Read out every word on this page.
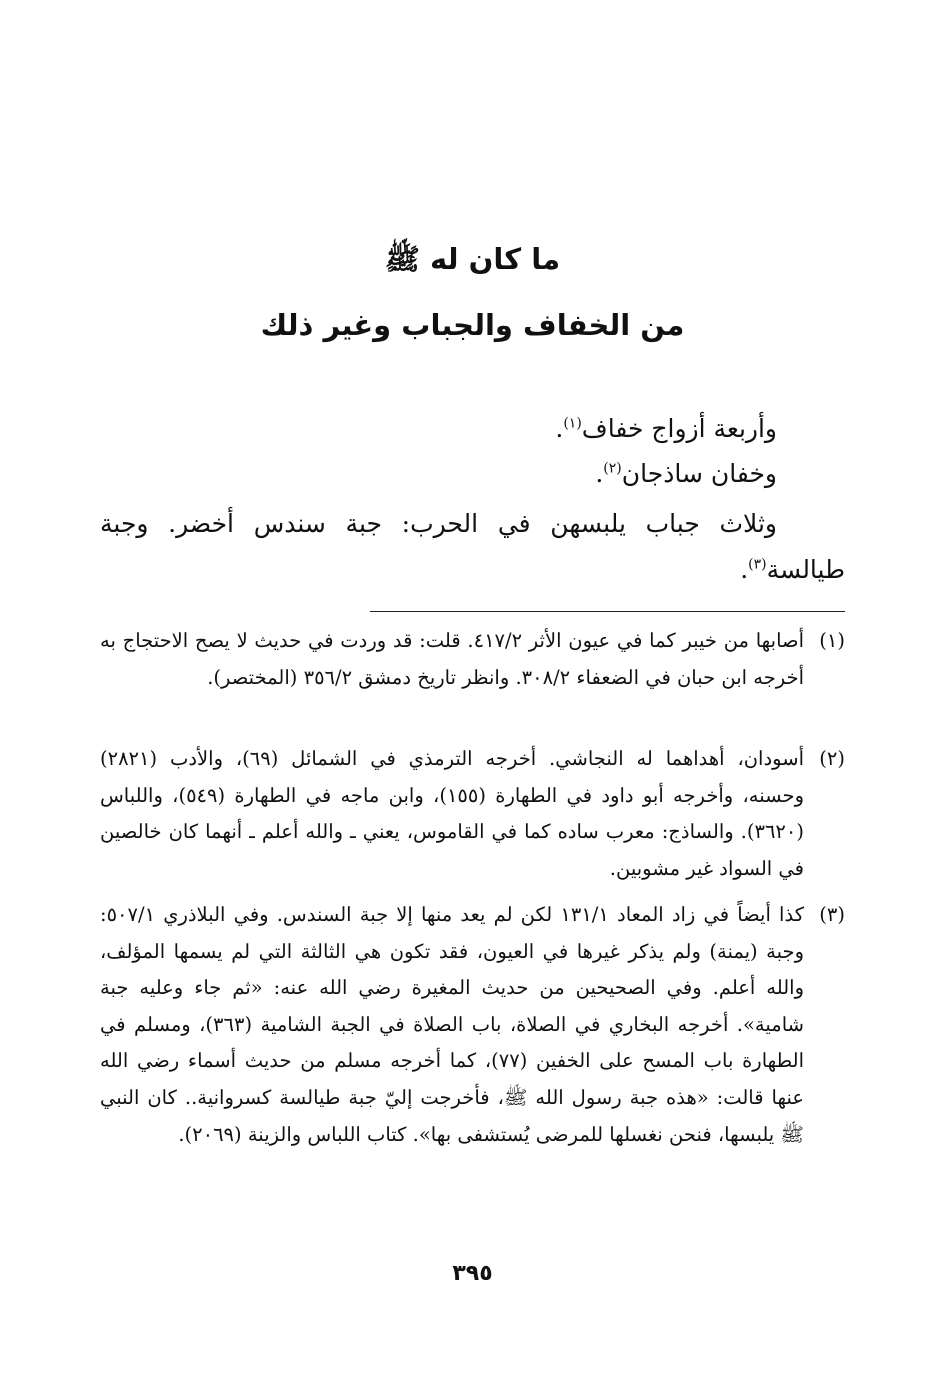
ما كان له ﷺ
من الخفاف والجباب وغير ذلك
وأربعة أزواج خفاف$^{(١)}$.
وخفان ساذجان$^{(٢)}$.
وثلاث جباب يلبسهن في الحرب: جبة سندس أخضر. وجبة
طيالسة$^{(٣)}$.
(١)
أصابها من خيبر كما في عيون الأثر ٤١٧/٢. قلت: قد وردت في حديث لا يصح الاحتجاج به أخرجه ابن حبان في الضعفاء ٣٠٨/٢. وانظر تاريخ دمشق ٣٥٦/٢ (المختصر).
(٢)
أسودان، أهداهما له النجاشي. أخرجه الترمذي في الشمائل (٦٩)، والأدب (٢٨٢١) وحسنه، وأخرجه أبو داود في الطهارة (١٥٥)، وابن ماجه في الطهارة (٥٤٩)، واللباس (٣٦٢٠). والساذج: معرب ساده كما في القاموس، يعني ـ والله أعلم ـ أنهما كان خالصين في السواد غير مشوبين.
(٣)
كذا أيضاً في زاد المعاد ١٣١/١ لكن لم يعد منها إلا جبة السندس. وفي البلاذري ٥٠٧/١: وجبة (يمنة) ولم يذكر غيرها في العيون، فقد تكون هي الثالثة التي لم يسمها المؤلف، والله أعلم. وفي الصحيحين من حديث المغيرة رضي الله عنه: «ثم جاء وعليه جبة شامية». أخرجه البخاري في الصلاة، باب الصلاة في الجبة الشامية (٣٦٣)، ومسلم في الطهارة باب المسح على الخفين (٧٧)، كما أخرجه مسلم من حديث أسماء رضي الله عنها قالت: «هذه جبة رسول الله ﷺ، فأخرجت إليّ جبة طيالسة كسروانية.. كان النبي ﷺ يلبسها، فنحن نغسلها للمرضى يُستشفى بها». كتاب اللباس والزينة (٢٠٦٩).
٣٩٥
